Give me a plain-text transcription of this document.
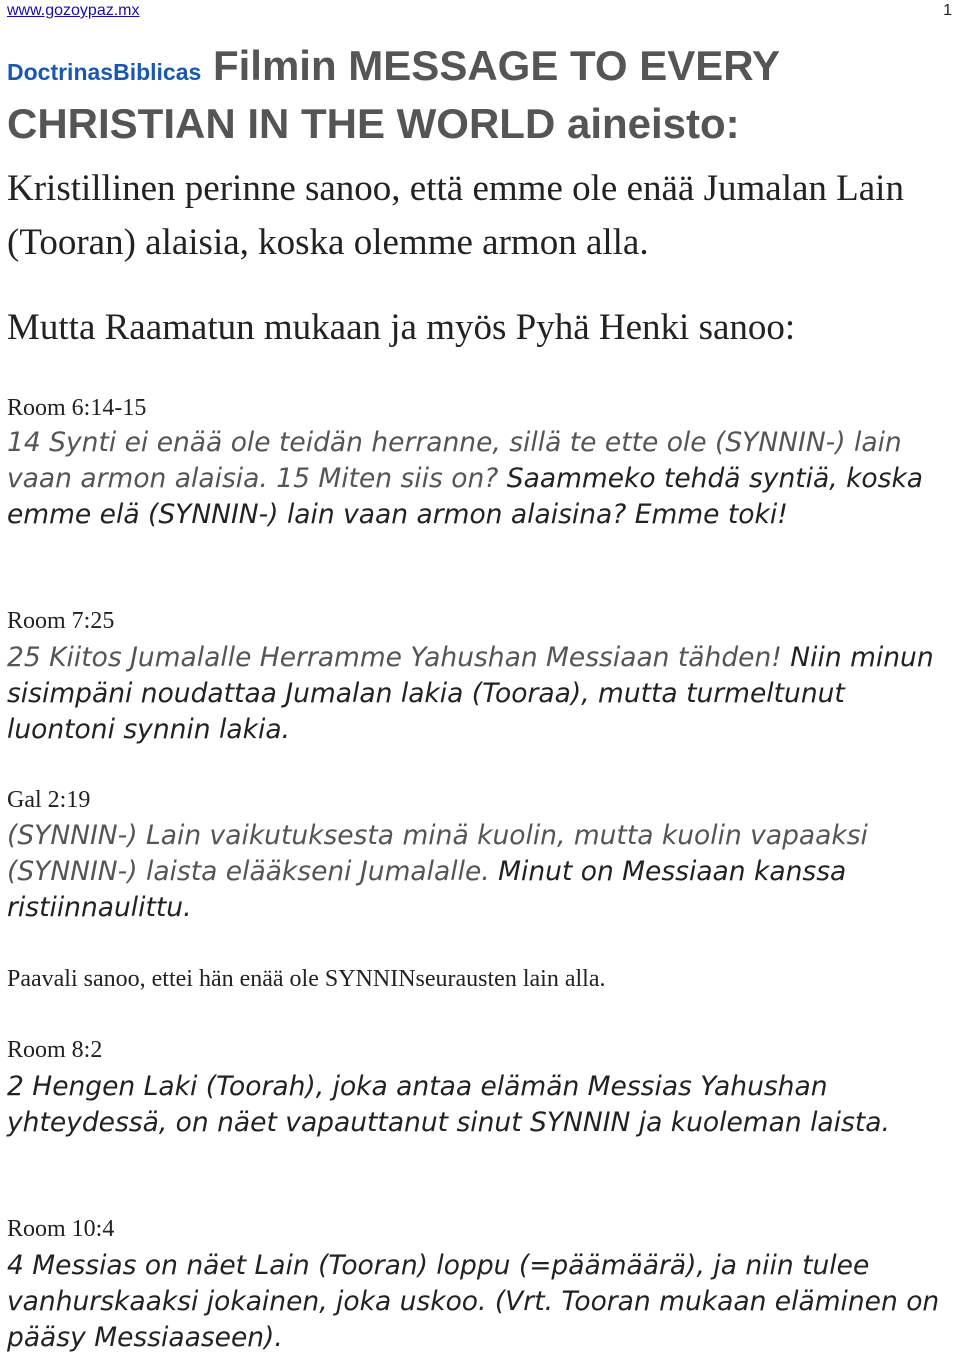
www.gozoypaz.mx	1
DoctrinasBiblicas Filmin MESSAGE TO EVERY CHRISTIAN IN THE WORLD aineisto:

Kristillinen perinne sanoo, että emme ole enää Jumalan Lain (Tooran) alaisia, koska olemme armon alla.

Mutta Raamatun mukaan ja myös Pyhä Henki sanoo:

Room 6:14-15

14 Synti ei enää ole teidän herranne, sillä te ette ole (SYNNIN-) lain vaan armon alaisia. 15 Miten siis on? Saammeko tehdä syntiä, koska emme elä (SYNNIN-) lain vaan armon alaisina? Emme toki!

Room 7:25

25 Kiitos Jumalalle Herramme Yahushan Messiaan tähden! Niin minun sisimpäni noudattaa Jumalan lakia (Tooraa), mutta turmeltunut luontoni synnin lakia.

Gal 2:19

(SYNNIN-) Lain vaikutuksesta minä kuolin, mutta kuolin vapaaksi (SYNNIN-) laista elääkseni Jumalalle. Minut on Messiaan kanssa ristiinnaulittu.

Paavali sanoo, ettei hän enää ole SYNNINseurausten lain alla.

Room 8:2

2 Hengen Laki (Toorah), joka antaa elämän Messias Yahushan yhteydessä, on näet vapauttanut sinut SYNNIN ja kuoleman laista.

Room 10:4

4 Messias on näet Lain (Tooran) loppu (=päämäärä), ja niin tulee vanhurskaaksi jokainen, joka uskoo. (Vrt. Tooran mukaan eläminen on pääsy Messiaaseen).
